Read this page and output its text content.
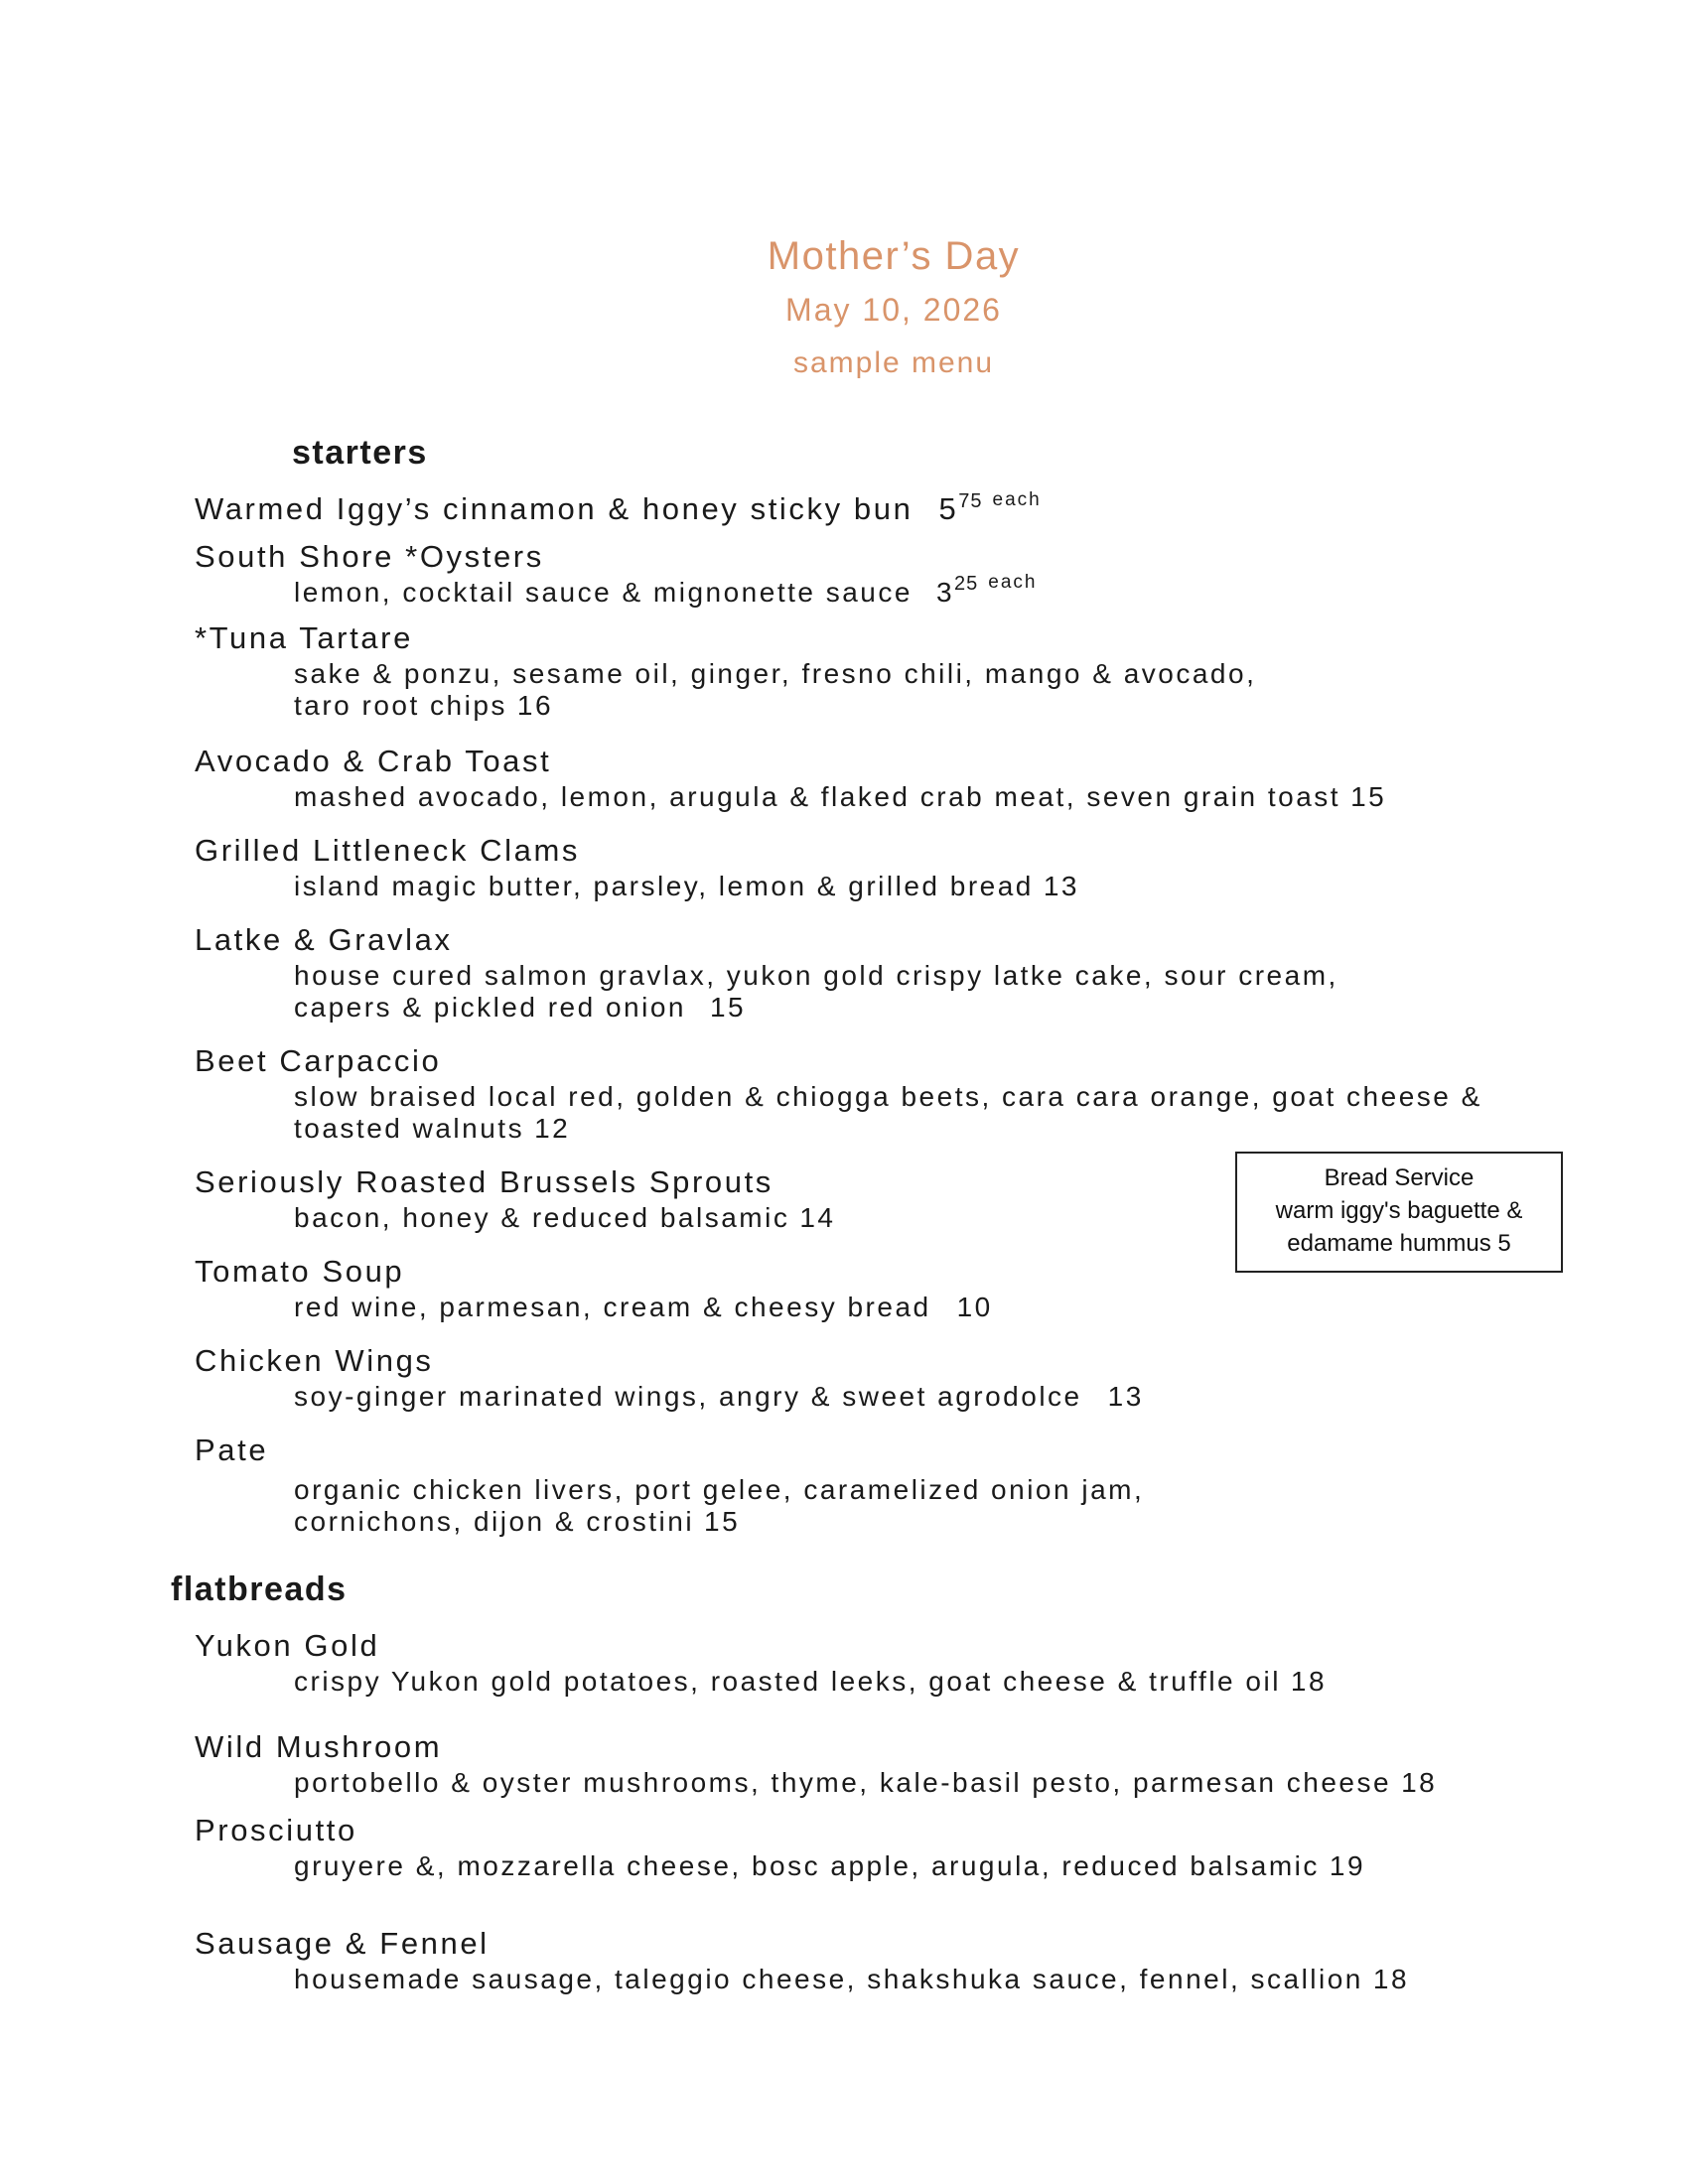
Mother’s Day
May 10, 2026
sample menu
starters
Warmed Iggy’s cinnamon & honey sticky bun $5^{75}$ $^{each}$
South Shore *Oysters
lemon, cocktail sauce & mignonette sauce $3^{25}$ $^{each}$
*Tuna Tartare
sake & ponzu, sesame oil, ginger, fresno chili, mango & avocado,
taro root chips 16
Avocado & Crab Toast
mashed avocado, lemon, arugula & flaked crab meat, seven grain toast 15
Grilled Littleneck Clams
island magic butter, parsley, lemon & grilled bread 13
Latke & Gravlax
house cured salmon gravlax, yukon gold crispy latke cake, sour cream,
capers & pickled red onion 15
Beet Carpaccio
slow braised local red, golden & chiogga beets, cara cara orange, goat cheese &
toasted walnuts 12
Seriously Roasted Brussels Sprouts
bacon, honey & reduced balsamic 14
Tomato Soup
red wine, parmesan, cream & cheesy bread 10
Chicken Wings
soy-ginger marinated wings, angry & sweet agrodolce 13
Pate
organic chicken livers, port gelee, caramelized onion jam,
cornichons, dijon & crostini 15
Bread Service
warm iggy's baguette &
edamame hummus 5
flatbreads
Yukon Gold
crispy Yukon gold potatoes, roasted leeks, goat cheese & truffle oil 18
Wild Mushroom
portobello & oyster mushrooms, thyme, kale-basil pesto, parmesan cheese 18
Prosciutto
gruyere &, mozzarella cheese, bosc apple, arugula, reduced balsamic 19
Sausage & Fennel
housemade sausage, taleggio cheese, shakshuka sauce, fennel, scallion 18
